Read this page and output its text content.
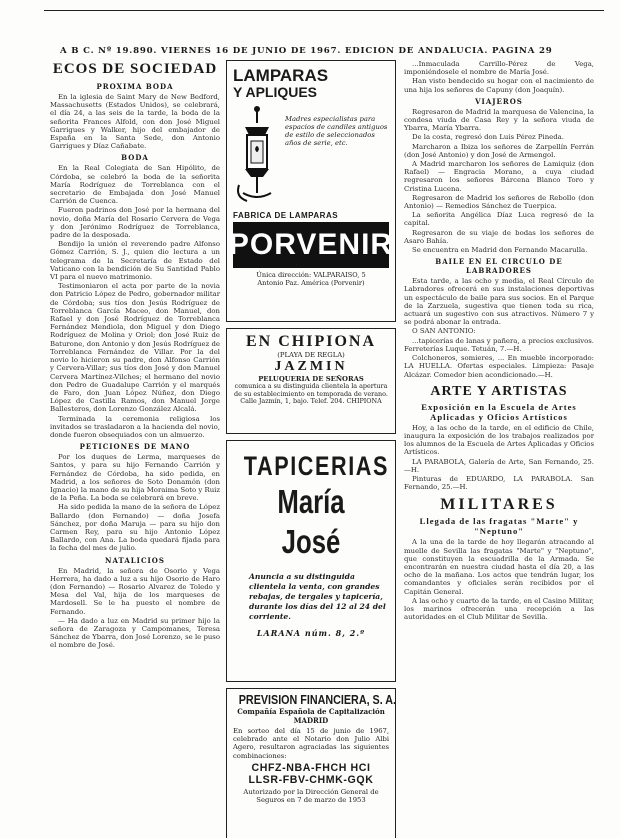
A B C. Nº 19.890. VIERNES 16 DE JUNIO DE 1967. EDICION DE ANDALUCIA. PAGINA 29
ECOS DE SOCIEDAD
PROXIMA BODA
En la iglesia de Saint Mary de New Bedford, Massachusetts (Estados Unidos), se celebrará, el día 24, a las seis de la tarde, la boda de la señorita Frances Alfold, con don José Miguel Garrigues y Walker, hijo del embajador de España en la Santa Sede, don Antonio Garrigues y Díaz Cañabate.
BODA
En la Real Colegiata de San Hipólito, de Córdoba, se celebró la boda de la señorita María Rodríguez de Torreblanca con el secretario de Embajada don José Manuel Carrión de Cuenca.
Fueron padrinos don José por la hermana del novio, doña María del Rosario Cervera de Vega y don Jerónimo Rodríguez de Torreblanca, padre de la desposada.
Bendijo la unión el reverendo padre Alfonso Gómez Carrión, S. J., quien dio lectura a un telegrama de la Secretaría de Estado del Vaticano con la bendición de Su Santidad Pablo VI para el nuevo matrimonio.
Testimoniaron el acta por parte de la novia don Patricio López de Pedro, gobernador militar de Córdoba; sus tíos don Jesús Rodríguez de Torreblanca García Maceo, don Manuel, don Rafael y don José Rodríguez de Torreblanca Fernández Mendiola, don Miguel y don Diego Rodríguez de Molina y Oriol; don José Ruiz de Baturone, don Antonio y don Jesús Rodríguez de Torreblanca Fernández de Villar. Por la del novio lo hicieron su padre, don Alfonso Carrión y Cervera-Villar; sus tíos don José y don Manuel Cervera Martínez-Vilches; el hermano del novio don Pedro de Guadalupe Carrión y el marqués de Faro, don Juan López Núñez, don Diego López de Castilla Ramos, don Manuel Jorge Ballesteros, don Lorenzo González Alcalá.
Terminada la ceremonia religiosa los invitados se trasladaron a la hacienda del novio, donde fueron obsequiados con un almuerzo.
PETICIONES DE MANO
Por los duques de Lerma, marqueses de Santos, y para su hijo Fernando Carrión y Fernández de Córdoba, ha sido pedida, en Madrid, a los señores de Soto Donamón (don Ignacio) la mano de su hija Moraima Soto y Ruiz de la Peña. La boda se celebrará en breve.
Ha sido pedida la mano de la señora de López Ballardo (don Fernando) — doña Josefa Sánchez, por doña Maruja — para su hijo don Carmen Rey, para su hijo Antonio López Ballardo, con Ana. La boda quedará fijada para la fecha del mes de julio.
NATALICIOS
En Madrid, la señora de Osorio y Vega Herrera, ha dado a luz a su hijo Osorio de Haro (don Fernando) — Rosario Alvarez de Toledo y Mesa del Val, hija de los marqueses de Mardosell. Se le ha puesto el nombre de Fernando.
— Ha dado a luz en Madrid su primer hijo la señora de Zaragoza y Campomanes, Teresa Sánchez de Ybarra, don José Lorenzo, se le puso el nombre de José.
LAMPARAS
Y APLIQUES
Madres especialistas para espacios de candiles antiguos de estilo de seleccionados años de serie, etc.
FABRICA DE LAMPARAS
PORVENIR
Única dirección: VALPARAISO, 5
Antonio Paz. América (Porvenir)
EN CHIPIONA
(PLAYA DE REGLA)
JAZMIN
PELUQUERIA DE SEÑORAS
comunica a su distinguida clientela la apertura de su establecimiento en temporada de verano. Calle Jazmín, 1, bajo. Telef. 204. CHIPIONA
TAPICERIAS
María José
Anuncia a su distinguida clientela la venta, con grandes rebajas, de tergales y tapicería, durante los días del 12 al 24 del corriente.
LARANA núm. 8, 2.º
PREVISION FINANCIERA, S. A.
Compañía Española de Capitalización
MADRID
En sorteo del día 15 de junio de 1967, celebrado ante el Notario don Julio Albi Agero, resultaron agraciadas las siguientes combinaciones:
CHFZ-NBA-FHCH HCI
LLSR-FBV-CHMK-GQK
Autorizado por la Dirección General de Seguros en 7 de marzo de 1953
...Inmaculada Carrillo-Pérez de Vega, imponiéndosele el nombre de María José.
Han visto bendecido su hogar con el nacimiento de una hija los señores de Capuny (don Joaquín).
VIAJEROS
Regresaron de Madrid la marquesa de Valencina, la condesa viuda de Casa Rey y la señora viuda de Ybarra, María Ybarra.
De la costa, regresó don Luis Pérez Pineda.
Marcharon a Ibiza los señores de Zarpellín Ferrán (don José Antonio) y don José de Armengol.
A Madrid marcharon los señores de Lamiquiz (don Rafael) — Engracia Morano, a cuya ciudad regresaron los señores Bárcena Blanco Toro y Cristina Lucena.
Regresaron de Madrid los señores de Rebollo (don Antonio) — Remedios Sánchez de Tuerpica.
La señorita Angélica Díaz Luca regresó de la capital.
Regresaron de su viaje de bodas los señores de Asaro Bahía.
Se encuentra en Madrid don Fernando Macarulla.
BAILE EN EL CIRCULO DE LABRADORES
Esta tarde, a las ocho y media, el Real Círculo de Labradores ofrecerá en sus instalaciones deportivas un espectáculo de baile para sus socios. En el Parque de la Zarzuela, sugestiva que tienen toda su rica, actuará un sugestivo con sus atractivos. Número 7 y se podrá abonar la entrada.
O SAN ANTONIO:
...tapicerías de lanas y pañera, a precios exclusivos. Ferreterías Luque. Tetuán, 7.—H.
Colchoneros, somieres, ... En mueble incorporado: LA HUELLA. Ofertas especiales. Limpieza: Pasaje Alcázar. Comedor bien acondicionado.—H.
ARTE Y ARTISTAS
Exposición en la Escuela de Artes Aplicadas y Oficios Artísticos
Hoy, a las ocho de la tarde, en el edificio de Chile, inaugura la exposición de los trabajos realizados por los alumnos de la Escuela de Artes Aplicadas y Oficios Artísticos.
LA PARABOLA, Galería de Arte, San Fernando, 25.—H.
Pinturas de EDUARDO, LA PARABOLA. San Fernando, 25.—H.
MILITARES
Llegada de las fragatas "Marte" y "Neptuno"
A la una de la tarde de hoy llegarán atracando al muelle de Sevilla las fragatas "Marte" y "Neptuno", que constituyen la escuadrilla de la Armada. Se encontrarán en nuestra ciudad hasta el día 20, a las ocho de la mañana. Los actos que tendrán lugar, los comandantes y oficiales serán recibidos por el Capitán General.
A las ocho y cuarto de la tarde, en el Casino Militar, los marinos ofrecerán una recepción a las autoridades en el Club Militar de Sevilla.
